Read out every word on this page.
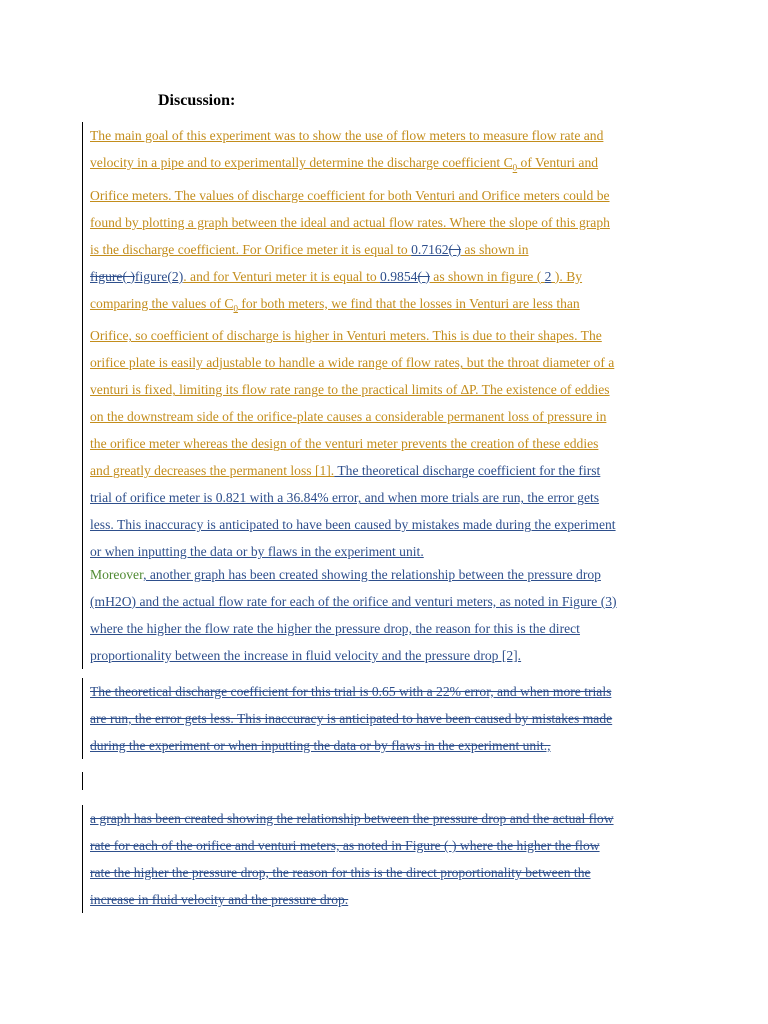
Discussion:
The main goal of this experiment was to show the use of flow meters to measure flow rate and
velocity in a pipe and to experimentally determine the discharge coefficient $C_0$ of Venturi and
Orifice meters. The values of discharge coefficient for both Venturi and Orifice meters could be
found by plotting a graph between the ideal and actual flow rates. Where the slope of this graph
is the discharge coefficient. For Orifice meter it is equal to 0.7162( ) as shown in
figure( )figure(2). and for Venturi meter it is equal to 0.9854( ) as shown in figure ( 2 ). By
comparing the values of $C_0$ for both meters, we find that the losses in Venturi are less than
Orifice, so coefficient of discharge is higher in Venturi meters. This is due to their shapes. The
orifice plate is easily adjustable to handle a wide range of flow rates, but the throat diameter of a
venturi is fixed, limiting its flow rate range to the practical limits of ∆P. The existence of eddies
on the downstream side of the orifice-plate causes a considerable permanent loss of pressure in
the orifice meter whereas the design of the venturi meter prevents the creation of these eddies
and greatly decreases the permanent loss [1]. The theoretical discharge coefficient for the first
trial of orifice meter is 0.821 with a 36.84% error, and when more trials are run, the error gets
less. This inaccuracy is anticipated to have been caused by mistakes made during the experiment
or when inputting the data or by flaws in the experiment unit.
Moreover, another graph has been created showing the relationship between the pressure drop
(mH2O) and the actual flow rate for each of the orifice and venturi meters, as noted in Figure (3)
where the higher the flow rate the higher the pressure drop, the reason for this is the direct
proportionality between the increase in fluid velocity and the pressure drop [2].
The theoretical discharge coefficient for this trial is 0.65 with a 22% error, and when more trials
are run, the error gets less. This inaccuracy is anticipated to have been caused by mistakes made
during the experiment or when inputting the data or by flaws in the experiment unit.,
a graph has been created showing the relationship between the pressure drop and the actual flow
rate for each of the orifice and venturi meters, as noted in Figure ( ) where the higher the flow
rate the higher the pressure drop, the reason for this is the direct proportionality between the
increase in fluid velocity and the pressure drop.
